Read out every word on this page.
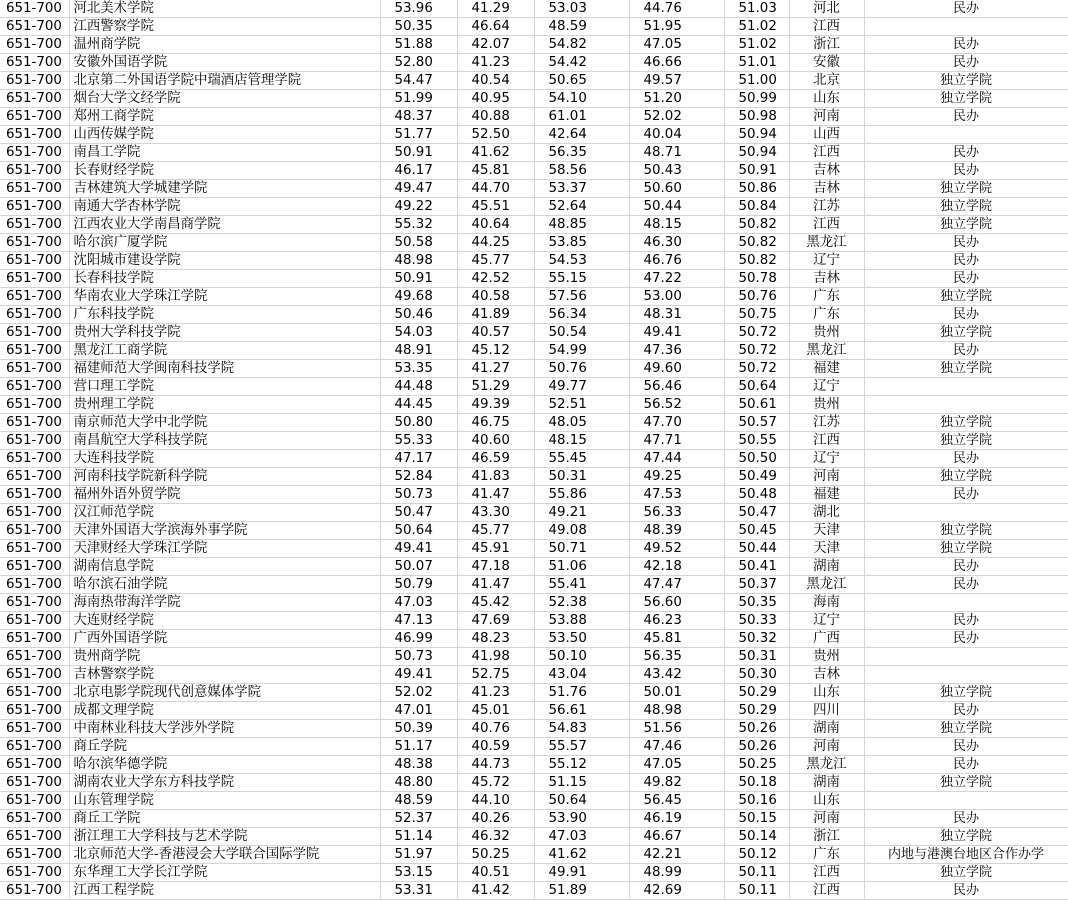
651-700	河北美术学院	53.96	41.29	53.03	44.76	51.03	河北	民办
651-700	江西警察学院	50.35	46.64	48.59	51.95	51.02	江西	
651-700	温州商学院	51.88	42.07	54.82	47.05	51.02	浙江	民办
651-700	安徽外国语学院	52.80	41.23	54.42	46.66	51.01	安徽	民办
651-700	北京第二外国语学院中瑞酒店管理学院	54.47	40.54	50.65	49.57	51.00	北京	独立学院
651-700	烟台大学文经学院	51.99	40.95	54.10	51.20	50.99	山东	独立学院
651-700	郑州工商学院	48.37	40.88	61.01	52.02	50.98	河南	民办
651-700	山西传媒学院	51.77	52.50	42.64	40.04	50.94	山西	
651-700	南昌工学院	50.91	41.62	56.35	48.71	50.94	江西	民办
651-700	长春财经学院	46.17	45.81	58.56	50.43	50.91	吉林	民办
651-700	吉林建筑大学城建学院	49.47	44.70	53.37	50.60	50.86	吉林	独立学院
651-700	南通大学杏林学院	49.22	45.51	52.64	50.44	50.84	江苏	独立学院
651-700	江西农业大学南昌商学院	55.32	40.64	48.85	48.15	50.82	江西	独立学院
651-700	哈尔滨广厦学院	50.58	44.25	53.85	46.30	50.82	黑龙江	民办
651-700	沈阳城市建设学院	48.98	45.77	54.53	46.76	50.82	辽宁	民办
651-700	长春科技学院	50.91	42.52	55.15	47.22	50.78	吉林	民办
651-700	华南农业大学珠江学院	49.68	40.58	57.56	53.00	50.76	广东	独立学院
651-700	广东科技学院	50.46	41.89	56.34	48.31	50.75	广东	民办
651-700	贵州大学科技学院	54.03	40.57	50.54	49.41	50.72	贵州	独立学院
651-700	黑龙江工商学院	48.91	45.12	54.99	47.36	50.72	黑龙江	民办
651-700	福建师范大学闽南科技学院	53.35	41.27	50.76	49.60	50.72	福建	独立学院
651-700	营口理工学院	44.48	51.29	49.77	56.46	50.64	辽宁	
651-700	贵州理工学院	44.45	49.39	52.51	56.52	50.61	贵州	
651-700	南京师范大学中北学院	50.80	46.75	48.05	47.70	50.57	江苏	独立学院
651-700	南昌航空大学科技学院	55.33	40.60	48.15	47.71	50.55	江西	独立学院
651-700	大连科技学院	47.17	46.59	55.45	47.44	50.50	辽宁	民办
651-700	河南科技学院新科学院	52.84	41.83	50.31	49.25	50.49	河南	独立学院
651-700	福州外语外贸学院	50.73	41.47	55.86	47.53	50.48	福建	民办
651-700	汉江师范学院	50.47	43.30	49.21	56.33	50.47	湖北	
651-700	天津外国语大学滨海外事学院	50.64	45.77	49.08	48.39	50.45	天津	独立学院
651-700	天津财经大学珠江学院	49.41	45.91	50.71	49.52	50.44	天津	独立学院
651-700	湖南信息学院	50.07	47.18	51.06	42.18	50.41	湖南	民办
651-700	哈尔滨石油学院	50.79	41.47	55.41	47.47	50.37	黑龙江	民办
651-700	海南热带海洋学院	47.03	45.42	52.38	56.60	50.35	海南	
651-700	大连财经学院	47.13	47.69	53.88	46.23	50.33	辽宁	民办
651-700	广西外国语学院	46.99	48.23	53.50	45.81	50.32	广西	民办
651-700	贵州商学院	50.73	41.98	50.10	56.35	50.31	贵州	
651-700	吉林警察学院	49.41	52.75	43.04	43.42	50.30	吉林	
651-700	北京电影学院现代创意媒体学院	52.02	41.23	51.76	50.01	50.29	山东	独立学院
651-700	成都文理学院	47.01	45.01	56.61	48.98	50.29	四川	民办
651-700	中南林业科技大学涉外学院	50.39	40.76	54.83	51.56	50.26	湖南	独立学院
651-700	商丘学院	51.17	40.59	55.57	47.46	50.26	河南	民办
651-700	哈尔滨华德学院	48.38	44.73	55.12	47.05	50.25	黑龙江	民办
651-700	湖南农业大学东方科技学院	48.80	45.72	51.15	49.82	50.18	湖南	独立学院
651-700	山东管理学院	48.59	44.10	50.64	56.45	50.16	山东	
651-700	商丘工学院	52.37	40.26	53.90	46.19	50.15	河南	民办
651-700	浙江理工大学科技与艺术学院	51.14	46.32	47.03	46.67	50.14	浙江	独立学院
651-700	北京师范大学-香港浸会大学联合国际学院	51.97	50.25	41.62	42.21	50.12	广东	内地与港澳台地区合作办学
651-700	东华理工大学长江学院	53.15	40.51	49.91	48.99	50.11	江西	独立学院
651-700	江西工程学院	53.31	41.42	51.89	42.69	50.11	江西	民办
